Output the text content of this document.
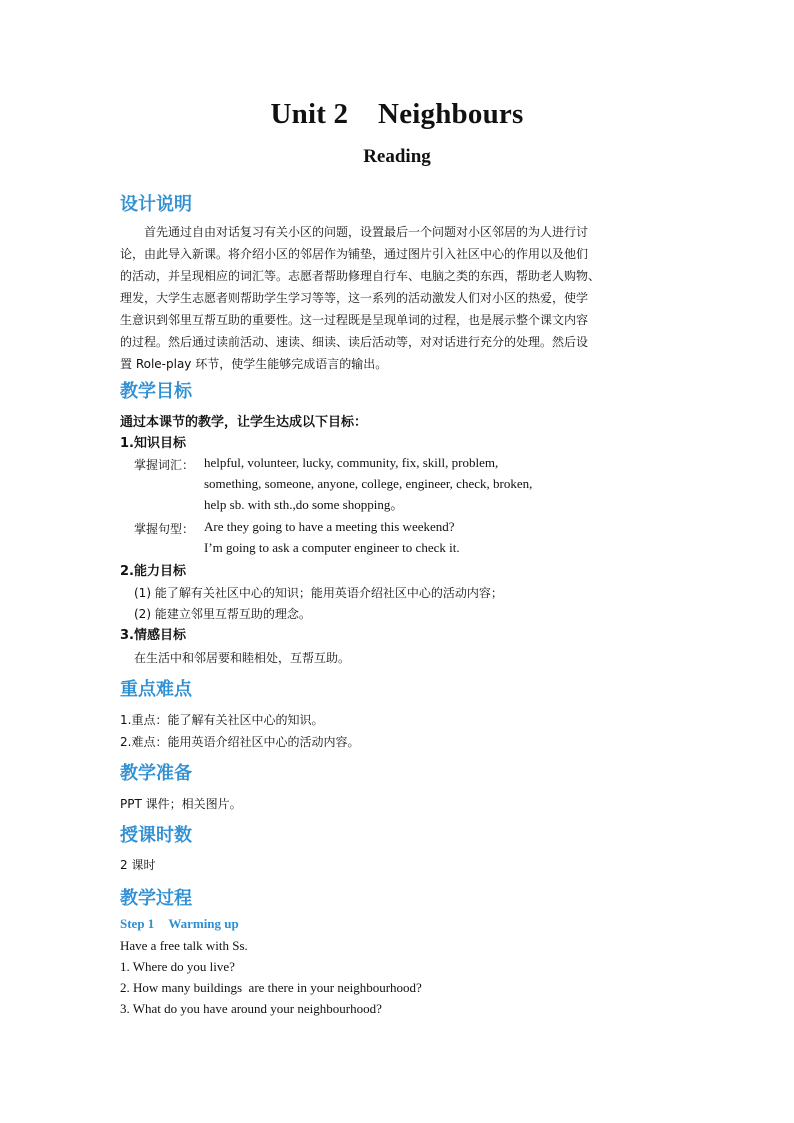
Unit 2    Neighbours
Reading
设计说明
首先通过自由对话复习有关小区的问题，设置最后一个问题对小区邻居的为人进行讨
论，由此导入新课。将介绍小区的邻居作为铺垫，通过图片引入社区中心的作用以及他们
的活动，并呈现相应的词汇等。志愿者帮助修理自行车、电脑之类的东西，帮助老人购物、
理发，大学生志愿者则帮助学生学习等等，这一系列的活动激发人们对小区的热爱，使学
生意识到邻里互帮互助的重要性。这一过程既是呈现单词的过程，也是展示整个课文内容
的过程。然后通过读前活动、速读、细读、读后活动等，对对话进行充分的处理。然后设
置 Role-play 环节，使学生能够完成语言的输出。
教学目标
通过本课节的教学，让学生达成以下目标：
1.知识目标
掌握词汇： helpful, volunteer, lucky, community, fix, skill, problem,
something, someone, anyone, college, engineer, check, broken,
help sb. with sth.,do some shopping。
掌握句型： Are they going to have a meeting this weekend?
I’m going to ask a computer engineer to check it.
2.能力目标
(1) 能了解有关社区中心的知识；能用英语介绍社区中心的活动内容；
(2) 能建立邻里互帮互助的理念。
3.情感目标
在生活中和邻居要和睦相处，互帮互助。
重点难点
1.重点：能了解有关社区中心的知识。
2.难点：能用英语介绍社区中心的活动内容。
教学准备
PPT 课件；相关图片。
授课时数
2 课时
教学过程
Step 1 Warming up
Have a free talk with Ss.
1. Where do you live?
2. How many buildings  are there in your neighbourhood?
3. What do you have around your neighbourhood?
